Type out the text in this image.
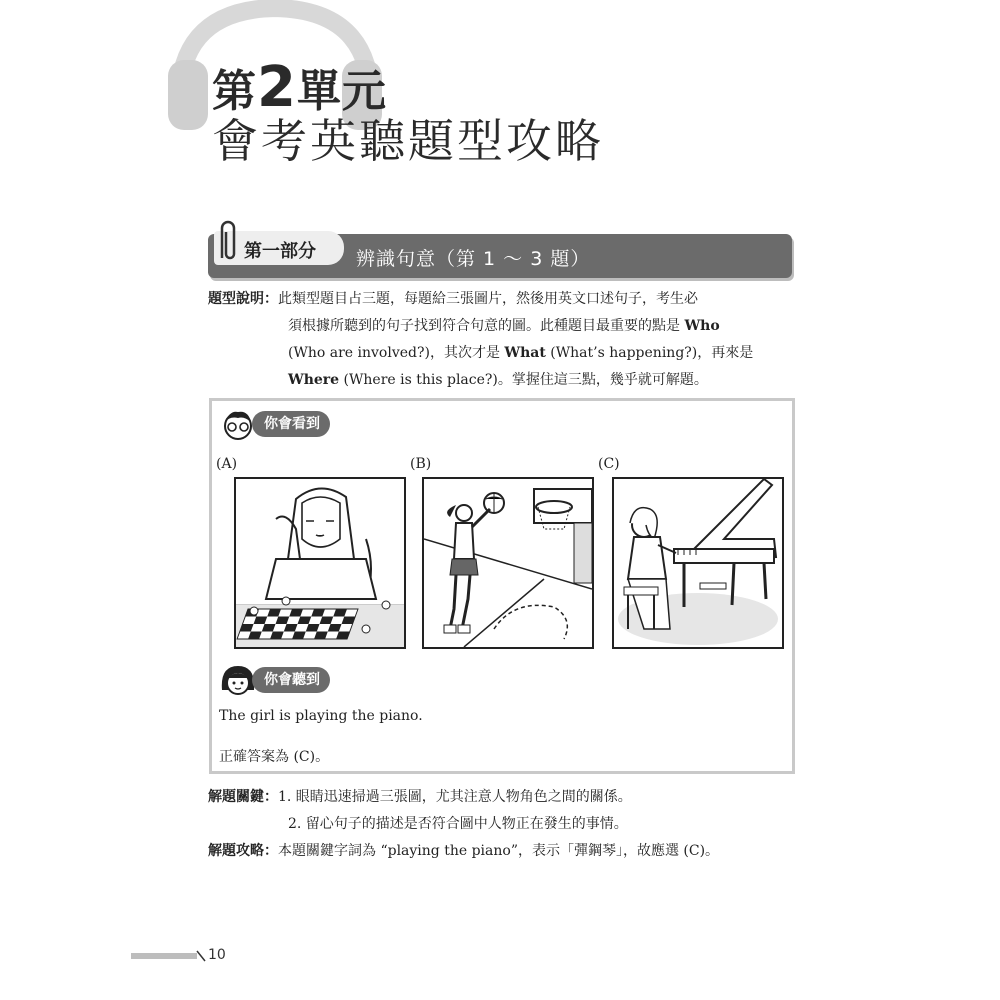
第2單元
會考英聽題型攻略
第一部分 辨識句意（第 1 ～ 3 題）
題型說明：此類型題目占三題，每題給三張圖片，然後用英文口述句子，考生必
須根據所聽到的句子找到符合句意的圖。此種題目最重要的點是 Who
(Who are involved?)，其次才是 What (What’s happening?)，再來是
Where (Where is this place?)。掌握住這三點，幾乎就可解題。
你會看到
(A)	(B)	(C)
你會聽到
The girl is playing the piano.
正確答案為 (C)。
解題關鍵：1. 眼睛迅速掃過三張圖，尤其注意人物角色之間的關係。
2. 留心句子的描述是否符合圖中人物正在發生的事情。
解題攻略：本題關鍵字詞為 “playing the piano”，表示「彈鋼琴」，故應選 (C)。
10
